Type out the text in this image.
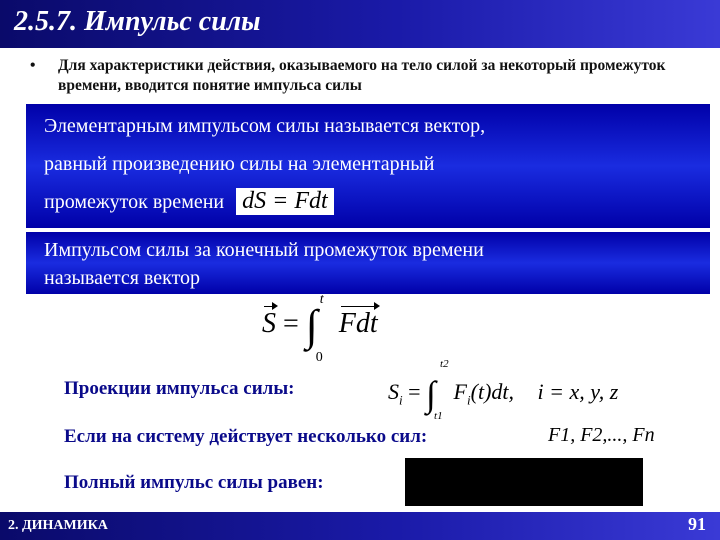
2.5.7. Импульс силы
• Для характеристики действия, оказываемого на тело силой за некоторый промежуток времени, вводится понятие импульса силы

Элементарным импульсом силы называется вектор,

равный произведению силы на элементарный

промежуток времени dS = Fdt

Импульсом силы за конечный промежуток времени

называется вектор

S = ∫
t
0
Fdt
Проекции импульса силы:	$S_i$ = ∫
t2
t1
$F_i(t)dt$, i = x, y, z
Если на систему действует несколько сил:	F1, F2,..., Fn
Полный импульс силы равен:
2. ДИНАМИКА	91
